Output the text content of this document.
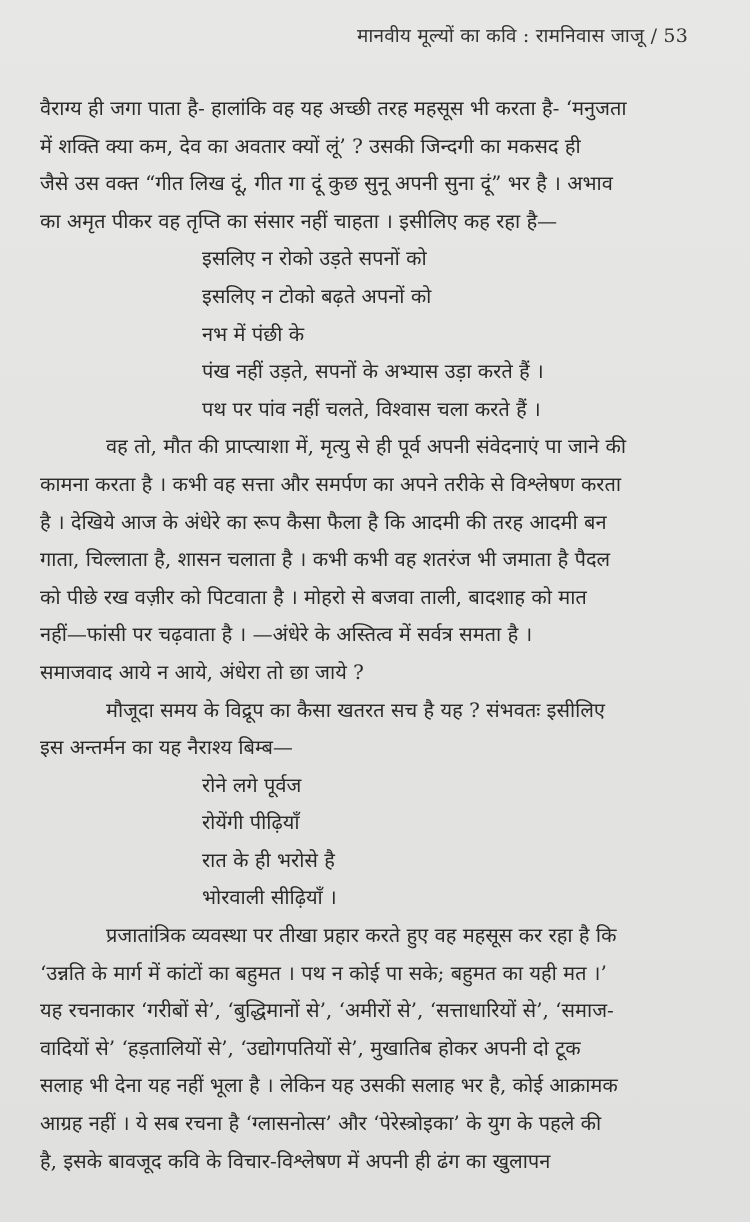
मानवीय मूल्यों का कवि : रामनिवास जाजू / 53
वैराग्य ही जगा पाता है- हालांकि वह यह अच्छी तरह महसूस भी करता है- ‘मनुजता
में शक्ति क्या कम, देव का अवतार क्यों लूं’ ? उसकी जिन्दगी का मकसद ही
जैसे उस वक्त “गीत लिख दूं, गीत गा दूं कुछ सुनू अपनी सुना दूं” भर है । अभाव
का अमृत पीकर वह तृप्ति का संसार नहीं चाहता । इसीलिए कह रहा है—
इसलिए न रोको उड़ते सपनों को
इसलिए न टोको बढ़ते अपनों को
नभ में पंछी के
पंख नहीं उड़ते, सपनों के अभ्यास उड़ा करते हैं ।
पथ पर पांव नहीं चलते, विश्वास चला करते हैं ।
वह तो, मौत की प्राप्त्याशा में, मृत्यु से ही पूर्व अपनी संवेदनाएं पा जाने की
कामना करता है । कभी वह सत्ता और समर्पण का अपने तरीके से विश्लेषण करता
है । देखिये आज के अंधेरे का रूप कैसा फैला है कि आदमी की तरह आदमी बन
गाता, चिल्लाता है, शासन चलाता है । कभी कभी वह शतरंज भी जमाता है पैदल
को पीछे रख वज़ीर को पिटवाता है । मोहरो से बजवा ताली, बादशाह को मात
नहीं—फांसी पर चढ़वाता है । —अंधेरे के अस्तित्व में सर्वत्र समता है ।
समाजवाद आये न आये, अंधेरा तो छा जाये ?
मौजूदा समय के विद्रूप का कैसा खतरत सच है यह ? संभवतः इसीलिए
इस अन्तर्मन का यह नैराश्य बिम्ब—
रोने लगे पूर्वज
रोयेंगी पीढ़ियाँ
रात के ही भरोसे है
भोरवाली सीढ़ियाँ ।
प्रजातांत्रिक व्यवस्था पर तीखा प्रहार करते हुए वह महसूस कर रहा है कि
‘उन्नति के मार्ग में कांटों का बहुमत । पथ न कोई पा सके; बहुमत का यही मत ।’
यह रचनाकार ‘गरीबों से’, ‘बुद्धिमानों से’, ‘अमीरों से’, ‘सत्ताधारियों से’, ‘समाज-
वादियों से’ ‘हड़तालियों से’, ‘उद्योगपतियों से’, मुखातिब होकर अपनी दो टूक
सलाह भी देना यह नहीं भूला है । लेकिन यह उसकी सलाह भर है, कोई आक्रामक
आग्रह नहीं । ये सब रचना है ‘ग्लासनोत्स’ और ‘पेरेस्त्रोइका’ के युग के पहले की
है, इसके बावजूद कवि के विचार-विश्लेषण में अपनी ही ढंग का खुलापन
